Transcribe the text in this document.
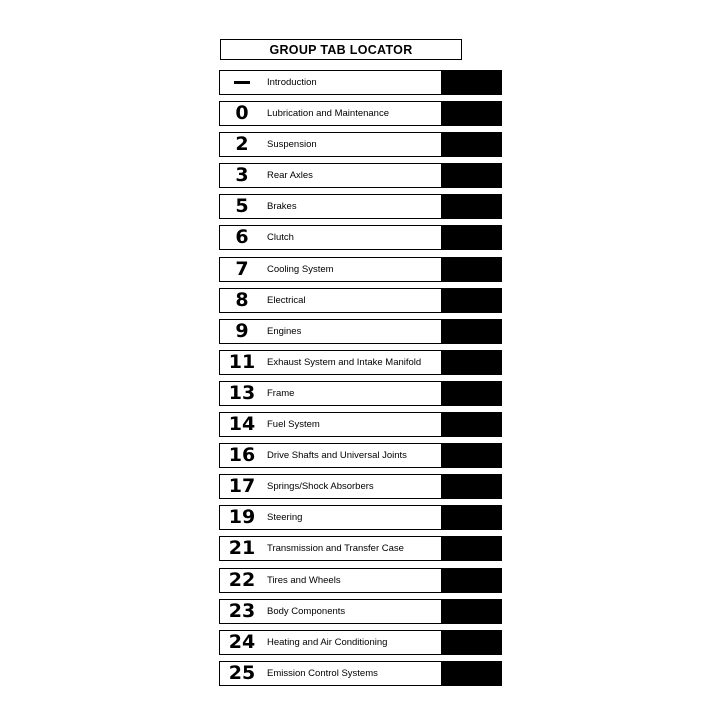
GROUP TAB LOCATOR
Introduction
0	Lubrication and Maintenance
2	Suspension
3	Rear Axles
5	Brakes
6	Clutch
7	Cooling System
8	Electrical
9	Engines
11	Exhaust System and Intake Manifold
13	Frame
14	Fuel System
16	Drive Shafts and Universal Joints
17	Springs/Shock Absorbers
19	Steering
21	Transmission and Transfer Case
22	Tires and Wheels
23	Body Components
24	Heating and Air Conditioning
25	Emission Control Systems
